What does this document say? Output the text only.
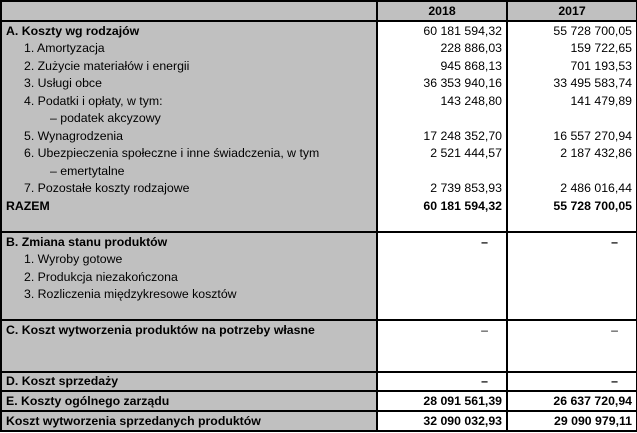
	2018	2017
A. Koszty wg rodzajów	60 181 594,32	55 728 700,05
1. Amortyzacja	228 886,03	159 722,65
2. Zużycie materiałów i energii	945 868,13	701 193,53
3. Usługi obce	36 353 940,16	33 495 583,74
4. Podatki i opłaty, w tym:	143 248,80	141 479,89
– podatek akcyzowy		
5. Wynagrodzenia	17 248 352,70	16 557 270,94
6. Ubezpieczenia społeczne i inne świadczenia, w tym	2 521 444,57	2 187 432,86
– emertytalne		
7. Pozostałe koszty rodzajowe	2 739 853,93	2 486 016,44
RAZEM	60 181 594,32	55 728 700,05

B. Zmiana stanu produktów	–	–
1. Wyroby gotowe		
2. Produkcja niezakończona		
3. Rozliczenia międzykresowe kosztów		

C. Koszt wytworzenia produktów na potrzeby własne	–	–

D. Koszt sprzedaży	–	–
E. Koszty ogólnego zarządu	28 091 561,39	26 637 720,94
Koszt wytworzenia sprzedanych produktów	32 090 032,93	29 090 979,11
